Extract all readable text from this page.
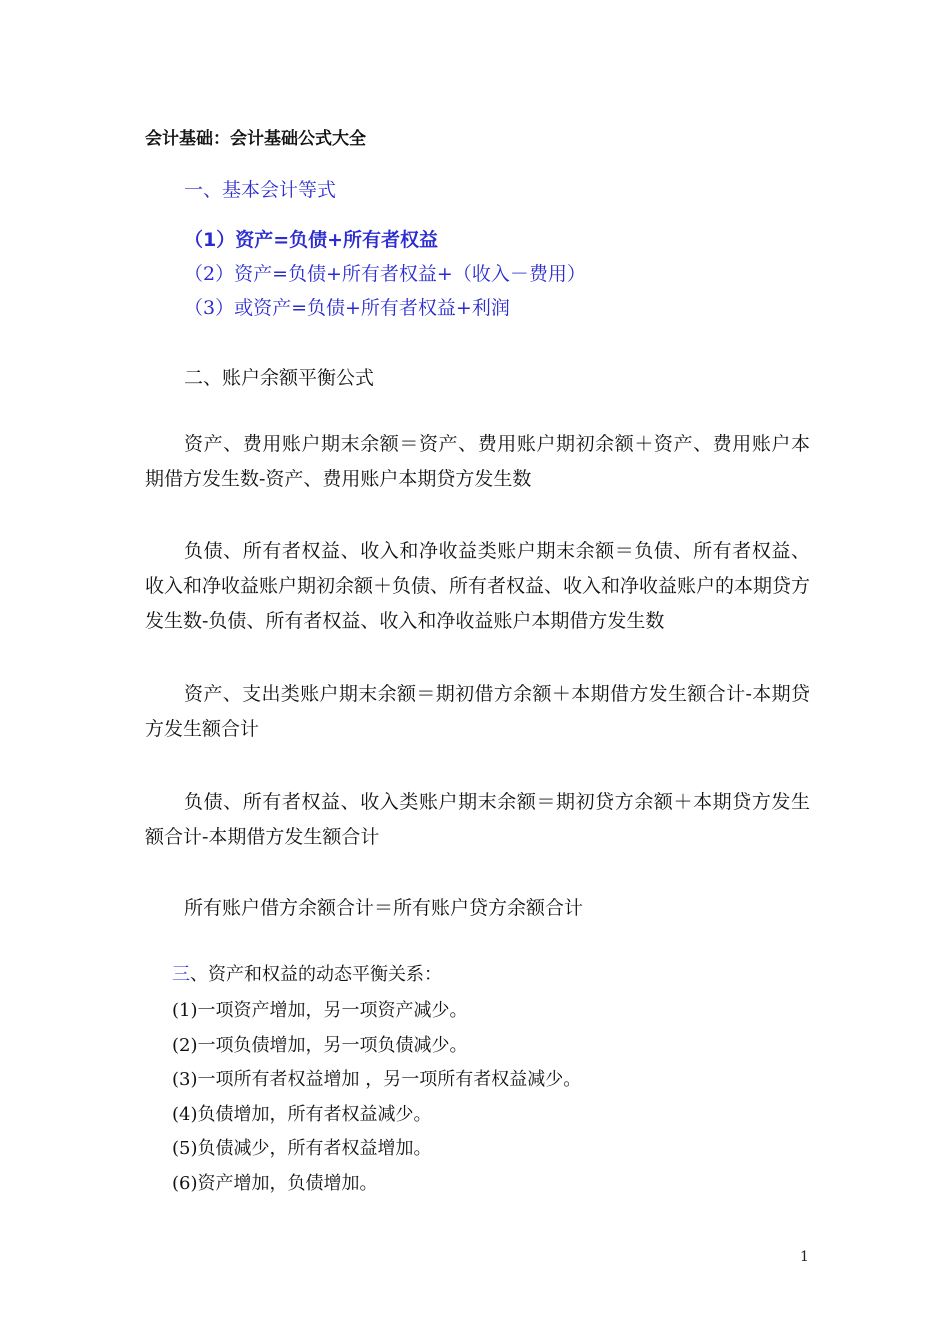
会计基础：会计基础公式大全
一、基本会计等式
（1）资产=负债+所有者权益
（2）资产=负债+所有者权益+（收入－费用）
（3）或资产=负债+所有者权益+利润
二、账户余额平衡公式
资产、费用账户期末余额＝资产、费用账户期初余额＋资产、费用账户本期借方发生数-资产、费用账户本期贷方发生数
负债、所有者权益、收入和净收益类账户期末余额＝负债、所有者权益、收入和净收益账户期初余额＋负债、所有者权益、收入和净收益账户的本期贷方发生数-负债、所有者权益、收入和净收益账户本期借方发生数
资产、支出类账户期末余额＝期初借方余额＋本期借方发生额合计-本期贷方发生额合计
负债、所有者权益、收入类账户期末余额＝期初贷方余额＋本期贷方发生额合计-本期借方发生额合计
所有账户借方余额合计＝所有账户贷方余额合计
三、资产和权益的动态平衡关系：
(1)一项资产增加，另一项资产减少。
(2)一项负债增加，另一项负债减少。
(3)一项所有者权益增加 ，另一项所有者权益减少。
(4)负债增加，所有者权益减少。
(5)负债减少，所有者权益增加。
(6)资产增加，负债增加。
1
